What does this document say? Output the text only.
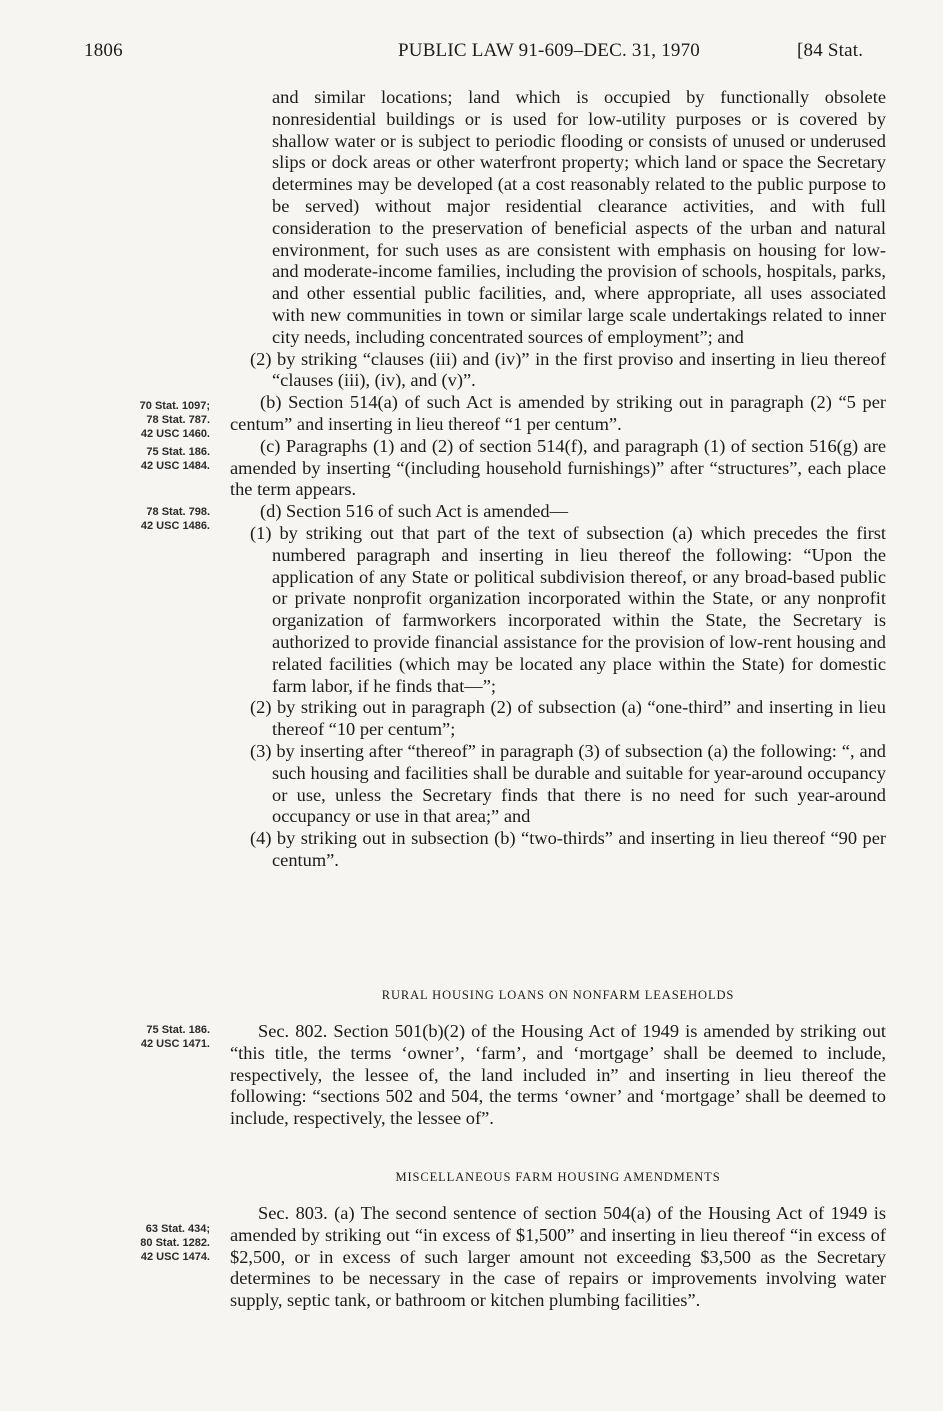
1806	PUBLIC LAW 91-609–DEC. 31, 1970	[84 Stat.
70 Stat. 1097;
78 Stat. 787.
42 USC 1460.
75 Stat. 186.
42 USC 1484.
78 Stat. 798.
42 USC 1486.
75 Stat. 186.
42 USC 1471.
63 Stat. 434;
80 Stat. 1282.
42 USC 1474.

and similar locations; land which is occupied by functionally obsolete nonresidential buildings or is used for low-utility purposes or is covered by shallow water or is subject to periodic flooding or consists of unused or underused slips or dock areas or other waterfront property; which land or space the Secretary determines may be developed (at a cost reasonably related to the public purpose to be served) without major residential clearance activities, and with full consideration to the preservation of beneficial aspects of the urban and natural environment, for such uses as are consistent with emphasis on housing for low- and moderate-income families, including the provision of schools, hospitals, parks, and other essential public facilities, and, where appropriate, all uses associated with new communities in town or similar large scale undertakings related to inner city needs, including concentrated sources of employment”; and

(2) by striking “clauses (iii) and (iv)” in the first proviso and inserting in lieu thereof “clauses (iii), (iv), and (v)”.

(b) Section 514(a) of such Act is amended by striking out in paragraph (2) “5 per centum” and inserting in lieu thereof “1 per centum”.

(c) Paragraphs (1) and (2) of section 514(f), and paragraph (1) of section 516(g) are amended by inserting “(including household furnishings)” after “structures”, each place the term appears.

(d) Section 516 of such Act is amended—

(1) by striking out that part of the text of subsection (a) which precedes the first numbered paragraph and inserting in lieu thereof the following: “Upon the application of any State or political subdivision thereof, or any broad-based public or private nonprofit organization incorporated within the State, or any nonprofit organization of farmworkers incorporated within the State, the Secretary is authorized to provide financial assistance for the provision of low-rent housing and related facilities (which may be located any place within the State) for domestic farm labor, if he finds that—”;

(2) by striking out in paragraph (2) of subsection (a) “one-third” and inserting in lieu thereof “10 per centum”;

(3) by inserting after “thereof” in paragraph (3) of subsection (a) the following: “, and such housing and facilities shall be durable and suitable for year-around occupancy or use, unless the Secretary finds that there is no need for such year-around occupancy or use in that area;” and

(4) by striking out in subsection (b) “two-thirds” and inserting in lieu thereof “90 per centum”.

RURAL HOUSING LOANS ON NONFARM LEASEHOLDS

Sec. 802. Section 501(b)(2) of the Housing Act of 1949 is amended by striking out “this title, the terms ‘owner’, ‘farm’, and ‘mortgage’ shall be deemed to include, respectively, the lessee of, the land included in” and inserting in lieu thereof the following: “sections 502 and 504, the terms ‘owner’ and ‘mortgage’ shall be deemed to include, respectively, the lessee of”.

MISCELLANEOUS FARM HOUSING AMENDMENTS

Sec. 803. (a) The second sentence of section 504(a) of the Housing Act of 1949 is amended by striking out “in excess of $1,500” and inserting in lieu thereof “in excess of $2,500, or in excess of such larger amount not exceeding $3,500 as the Secretary determines to be necessary in the case of repairs or improvements involving water supply, septic tank, or bathroom or kitchen plumbing facilities”.
